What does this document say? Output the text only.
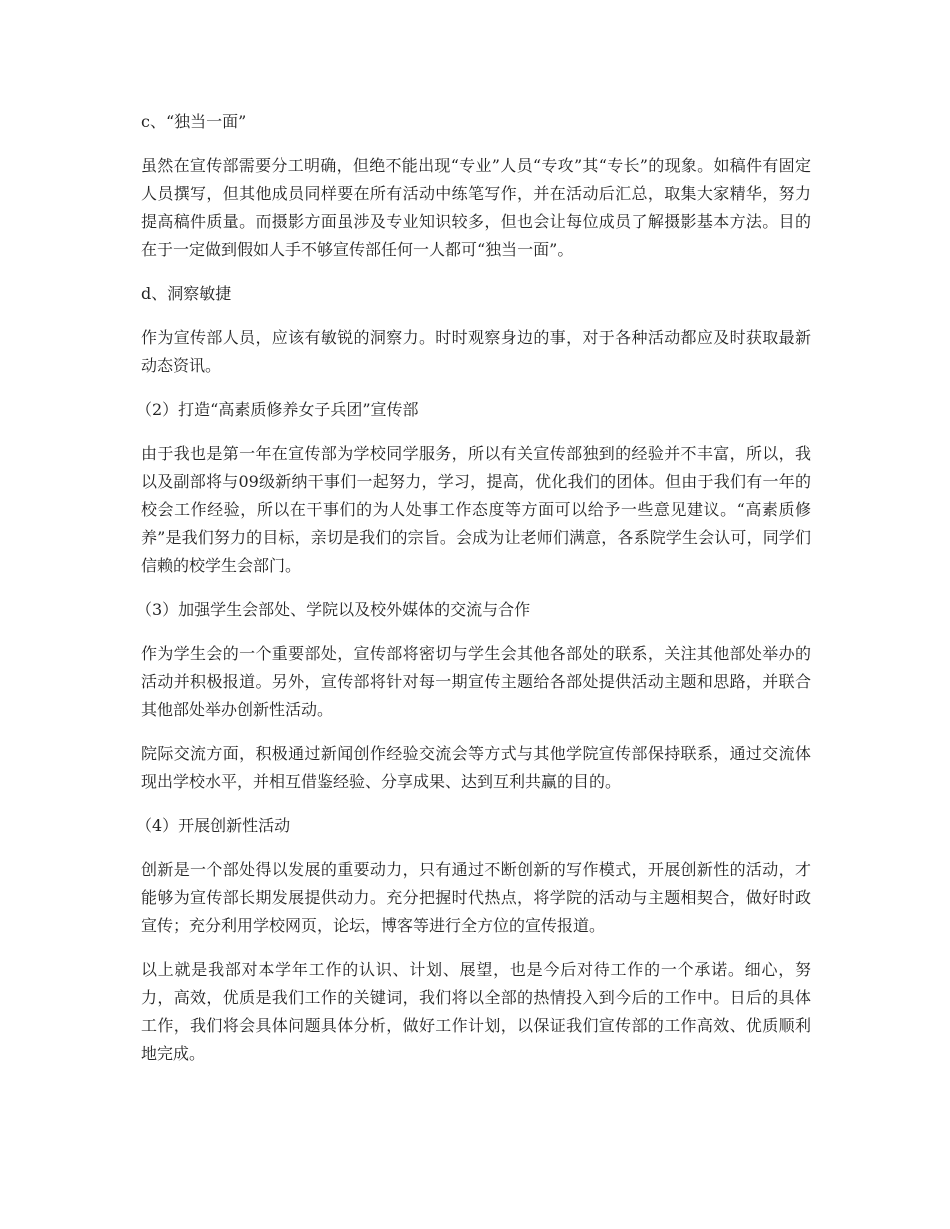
c、“独当一面”
虽然在宣传部需要分工明确，但绝不能出现“专业”人员“专攻”其“专长”的现象。如稿件有固定人员撰写，但其他成员同样要在所有活动中练笔写作，并在活动后汇总，取集大家精华，努力提高稿件质量。而摄影方面虽涉及专业知识较多，但也会让每位成员了解摄影基本方法。目的在于一定做到假如人手不够宣传部任何一人都可“独当一面”。
d、洞察敏捷
作为宣传部人员，应该有敏锐的洞察力。时时观察身边的事，对于各种活动都应及时获取最新动态资讯。
（2）打造“高素质修养女子兵团”宣传部
由于我也是第一年在宣传部为学校同学服务，所以有关宣传部独到的经验并不丰富，所以，我以及副部将与09级新纳干事们一起努力，学习，提高，优化我们的团体。但由于我们有一年的校会工作经验，所以在干事们的为人处事工作态度等方面可以给予一些意见建议。“高素质修养”是我们努力的目标，亲切是我们的宗旨。会成为让老师们满意，各系院学生会认可，同学们信赖的校学生会部门。
（3）加强学生会部处、学院以及校外媒体的交流与合作
作为学生会的一个重要部处，宣传部将密切与学生会其他各部处的联系，关注其他部处举办的活动并积极报道。另外，宣传部将针对每一期宣传主题给各部处提供活动主题和思路，并联合其他部处举办创新性活动。
院际交流方面，积极通过新闻创作经验交流会等方式与其他学院宣传部保持联系，通过交流体现出学校水平，并相互借鉴经验、分享成果、达到互利共赢的目的。
（4）开展创新性活动
创新是一个部处得以发展的重要动力，只有通过不断创新的写作模式，开展创新性的活动，才能够为宣传部长期发展提供动力。充分把握时代热点，将学院的活动与主题相契合，做好时政宣传；充分利用学校网页，论坛，博客等进行全方位的宣传报道。
以上就是我部对本学年工作的认识、计划、展望，也是今后对待工作的一个承诺。细心，努力，高效，优质是我们工作的关键词，我们将以全部的热情投入到今后的工作中。日后的具体工作，我们将会具体问题具体分析，做好工作计划，以保证我们宣传部的工作高效、优质顺利地完成。
